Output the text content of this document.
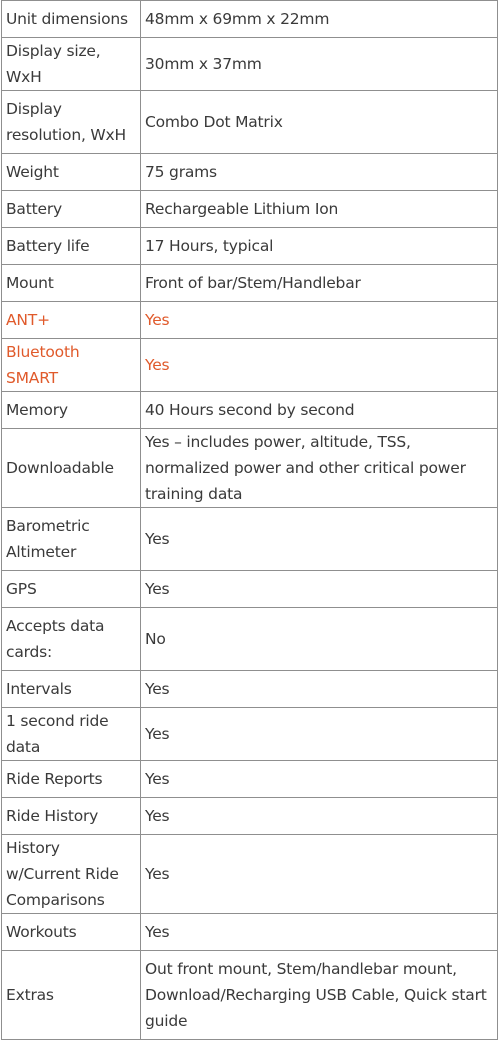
Unit dimensions	48mm x 69mm x 22mm
Display size, WxH	30mm x 37mm
Display resolution, WxH	Combo Dot Matrix
Weight	75 grams
Battery	Rechargeable Lithium Ion
Battery life	17 Hours, typical
Mount	Front of bar/Stem/Handlebar
ANT+	Yes
Bluetooth SMART	Yes
Memory	40 Hours second by second
Downloadable	Yes – includes power, altitude, TSS, normalized power and other critical power training data
Barometric Altimeter	Yes
GPS	Yes
Accepts data cards:	No
Intervals	Yes
1 second ride data	Yes
Ride Reports	Yes
Ride History	Yes
History w/Current Ride Comparisons	Yes
Workouts	Yes
Extras	Out front mount, Stem/handlebar mount, Download/Recharging USB Cable, Quick start guide
